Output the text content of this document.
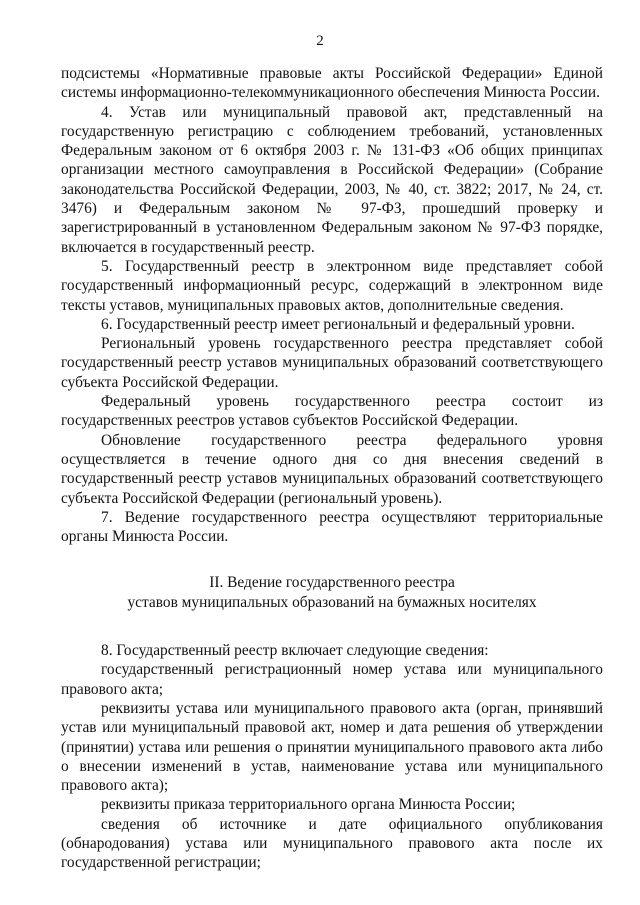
2

подсистемы «Нормативные правовые акты Российской Федерации» Единой системы информационно-телекоммуникационного обеспечения Минюста России.

4. Устав или муниципальный правовой акт, представленный на государственную регистрацию с соблюдением требований, установленных Федеральным законом от 6 октября 2003 г. № 131-ФЗ «Об общих принципах организации местного самоуправления в Российской Федерации» (Собрание законодательства Российской Федерации, 2003, № 40, ст. 3822; 2017, № 24, ст. 3476) и Федеральным законом № 97-ФЗ, прошедший проверку и зарегистрированный в установленном Федеральным законом № 97-ФЗ порядке, включается в государственный реестр.

5. Государственный реестр в электронном виде представляет собой государственный информационный ресурс, содержащий в электронном виде тексты уставов, муниципальных правовых актов, дополнительные сведения.

6. Государственный реестр имеет региональный и федеральный уровни.

Региональный уровень государственного реестра представляет собой государственный реестр уставов муниципальных образований соответствующего субъекта Российской Федерации.

Федеральный уровень государственного реестра состоит из государственных реестров уставов субъектов Российской Федерации.

Обновление государственного реестра федерального уровня осуществляется в течение одного дня со дня внесения сведений в государственный реестр уставов муниципальных образований соответствующего субъекта Российской Федерации (региональный уровень).

7. Ведение государственного реестра осуществляют территориальные органы Минюста России.

II. Ведение государственного реестра

уставов муниципальных образований на бумажных носителях

8. Государственный реестр включает следующие сведения:

государственный регистрационный номер устава или муниципального правового акта;

реквизиты устава или муниципального правового акта (орган, принявший устав или муниципальный правовой акт, номер и дата решения об утверждении (принятии) устава или решения о принятии муниципального правового акта либо о внесении изменений в устав, наименование устава или муниципального правового акта);

реквизиты приказа территориального органа Минюста России;

сведения об источнике и дате официального опубликования (обнародования) устава или муниципального правового акта после их государственной регистрации;
